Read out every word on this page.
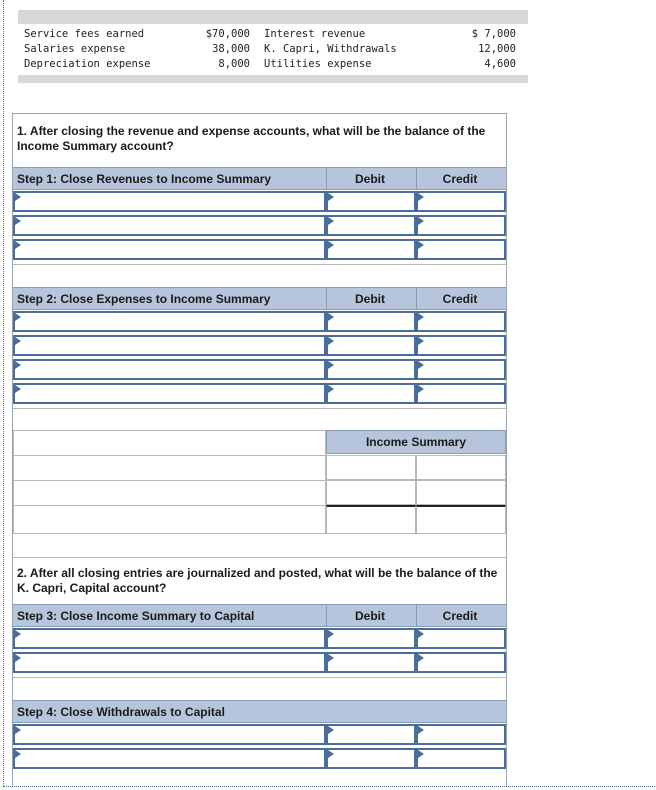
Service fees earned	$70,000 Interest revenue	$ 7,000
Salaries expense	38,000 K. Capri, Withdrawals	12,000
Depreciation expense	8,000 Utilities expense	4,600
1. After closing the revenue and expense accounts, what will be the balance of the Income Summary account?
Step 1: Close Revenues to Income Summary	Debit	Credit
Step 2: Close Expenses to Income Summary	Debit	Credit
Income Summary
2. After all closing entries are journalized and posted, what will be the balance of the K. Capri, Capital account?
Step 3: Close Income Summary to Capital	Debit	Credit
Step 4: Close Withdrawals to Capital
